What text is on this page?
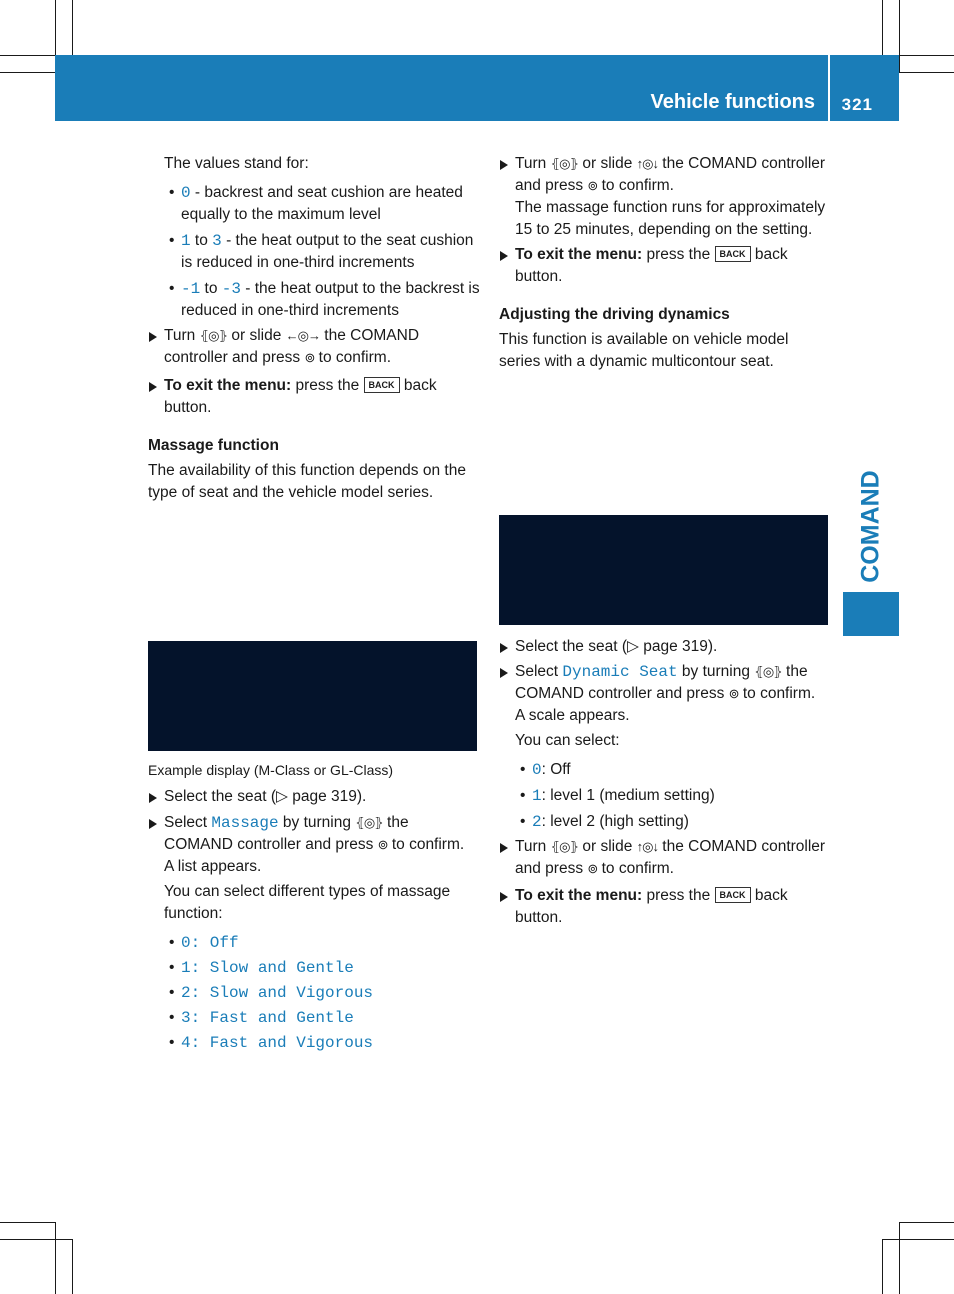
Vehicle functions 321
COMAND

The values stand for:

• 0 - backrest and seat cushion are heated equally to the maximum level
• 1 to 3 - the heat output to the seat cushion is reduced in one-third increments
• -1 to -3 - the heat output to the backrest is reduced in one-third increments
Turn ⦃◎⦄ or slide ←◎→ the COMAND controller and press ⊚ to confirm.
To exit the menu: press the BACK back button.

Massage function

The availability of this function depends on the type of seat and the vehicle model series.

Example display (M-Class or GL-Class)

Select the seat (▷ page 319).
Select Massage by turning ⦃◎⦄ the COMAND controller and press ⊚ to confirm.

A list appears.

You can select different types of massage function:

• 0: Off
• 1: Slow and Gentle
• 2: Slow and Vigorous
• 3: Fast and Gentle
• 4: Fast and Vigorous
Turn ⦃◎⦄ or slide ↑◎↓ the COMAND controller and press ⊚ to confirm.

The massage function runs for approximately 15 to 25 minutes, depending on the setting.

To exit the menu: press the BACK back button.

Adjusting the driving dynamics

This function is available on vehicle model series with a dynamic multicontour seat.

Select the seat (▷ page 319).
Select Dynamic Seat by turning ⦃◎⦄ the COMAND controller and press ⊚ to confirm.

A scale appears.

You can select:

• 0: Off
• 1: level 1 (medium setting)
• 2: level 2 (high setting)
Turn ⦃◎⦄ or slide ↑◎↓ the COMAND controller and press ⊚ to confirm.
To exit the menu: press the BACK back button.
